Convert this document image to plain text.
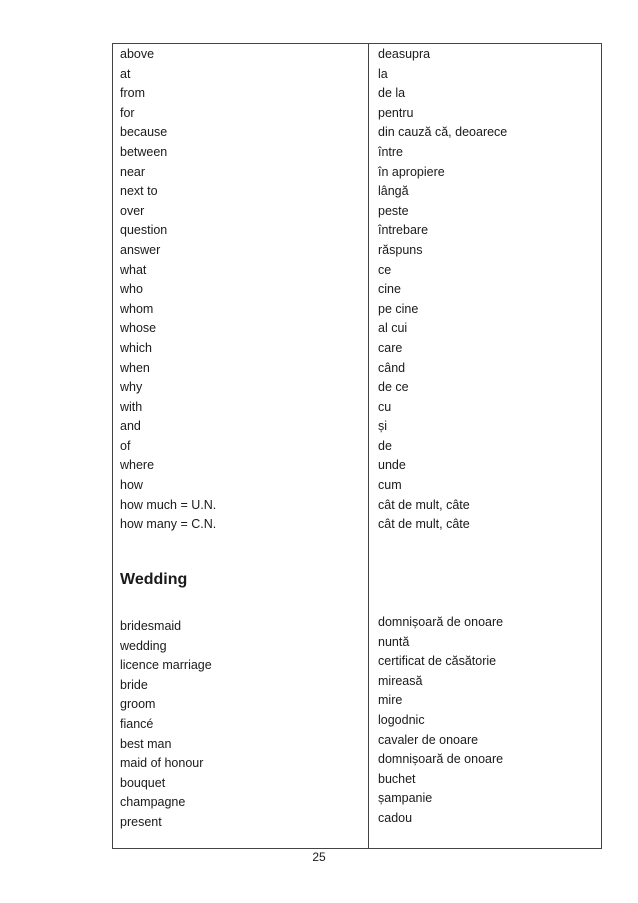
above
at
from
for
because
between
near
next to
over
question
answer
what
who
whom
whose
which
when
why
with
and
of
where
how
how much = U.N.
how many = C.N.
deasupra
la
de la
pentru
din cauză că, deoarece
între
în apropiere
lângă
peste
întrebare
răspuns
ce
cine
pe cine
al cui
care
când
de ce
cu
și
de
unde
cum
cât de mult, câte
cât de mult, câte
Wedding
bridesmaid
wedding
licence marriage
bride
groom
fiancé
best man
maid of honour
bouquet
champagne
present
domnișoară de onoare
nuntă
certificat de căsătorie
mireasă
mire
logodnic
cavaler de onoare
domnișoară de onoare
buchet
șampanie
cadou
25
